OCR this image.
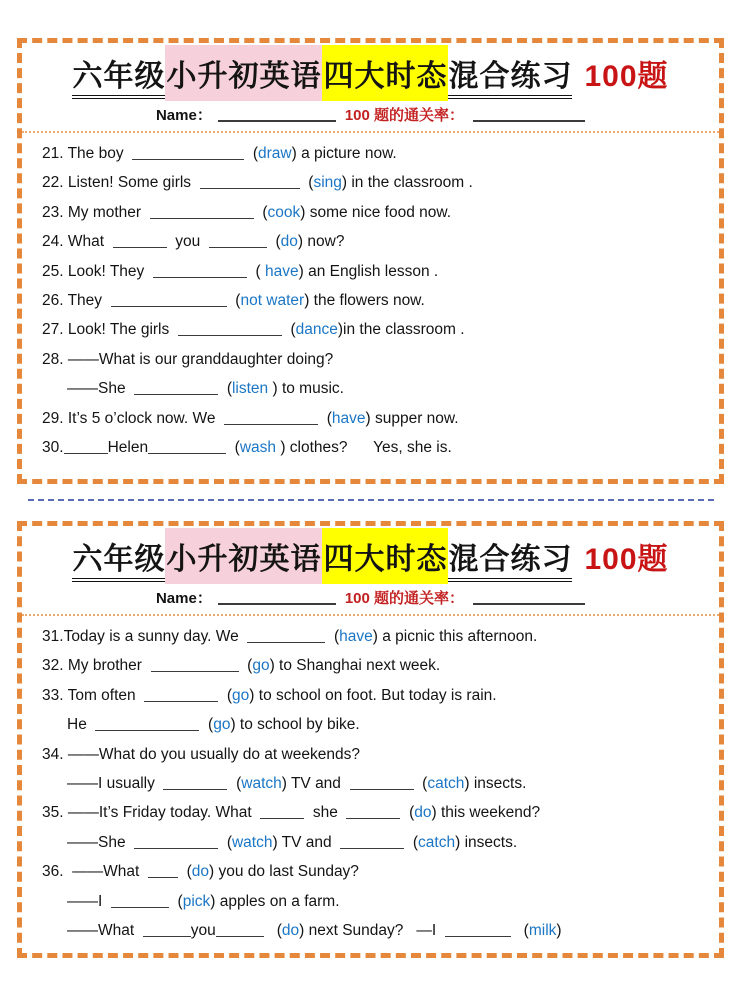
六年级小升初英语四大时态混合练习 100题
Name：	100 题的通关率：
21. The boy	(draw) a picture now.
22. Listen! Some girls	(sing) in the classroom .
23. My mother	(cook) some nice food now.
24. What	you	(do) now?
25. Look! They	( have) an English lesson .
26. They	(not water) the flowers now.
27. Look! The girls	(dance)in the classroom .
28. ——What is our granddaughter doing?
——She	(listen ) to music.
29. It’s 5 o’clock now. We	(have) supper now.
30.	Helen	(wash ) clothes?      Yes, she is.
六年级小升初英语四大时态混合练习 100题
Name：	100 题的通关率：
31.Today is a sunny day. We	(have) a picnic this afternoon.
32. My brother	(go) to Shanghai next week.
33. Tom often	(go) to school on foot. But today is rain.
He	(go) to school by bike.
34. ——What do you usually do at weekends?
——I usually	(watch) TV and	(catch) insects.
35. ——It’s Friday today. What	she	(do) this weekend?
——She	(watch) TV and	(catch) insects.
36.  ——What    (do) you do last Sunday?
——I	(pick) apples on a farm.
——What	you	(do) next Sunday?   —I	(milk)
